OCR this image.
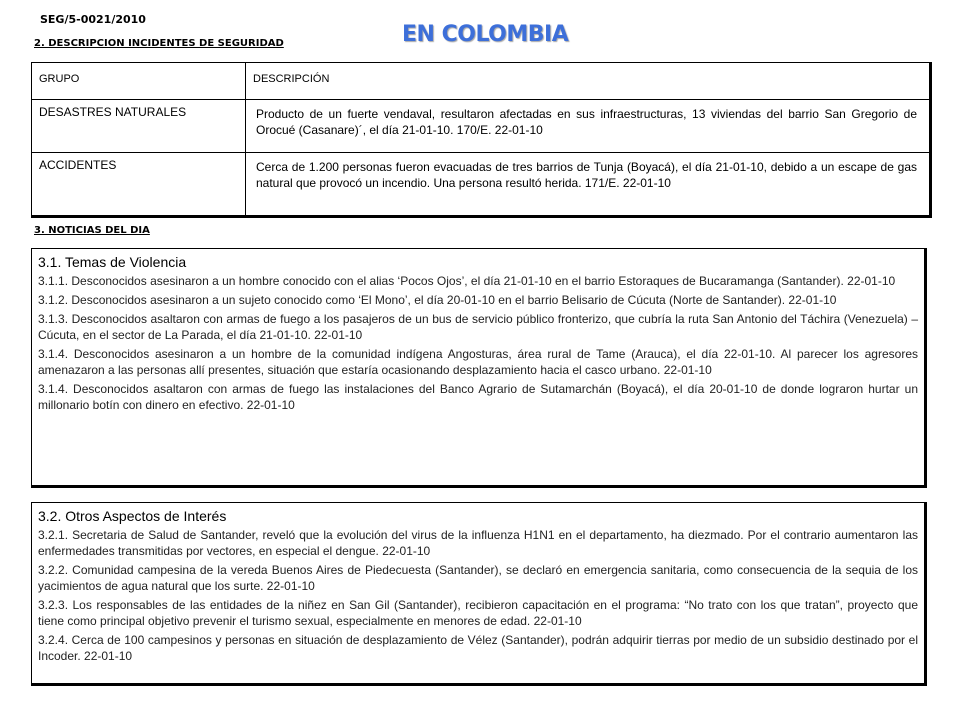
SEG/5-0021/2010
EN COLOMBIA
2. DESCRIPCION INCIDENTES DE SEGURIDAD
GRUPO	DESCRIPCIÓN
DESASTRES NATURALES	Producto de un fuerte vendaval, resultaron afectadas en sus infraestructuras, 13 viviendas del barrio San Gregorio de Orocué (Casanare)´, el día 21-01-10. 170/E. 22-01-10
ACCIDENTES	Cerca de 1.200 personas fueron evacuadas de tres barrios de Tunja (Boyacá), el día 21-01-10, debido a un escape de gas natural que provocó un incendio. Una persona resultó herida. 171/E. 22-01-10
3. NOTICIAS DEL DIA
3.1. Temas de Violencia

3.1.1. Desconocidos asesinaron a un hombre conocido con el alias ‘Pocos Ojos’, el día 21-01-10 en el barrio Estoraques de Bucaramanga (Santander). 22-01-10

3.1.2. Desconocidos asesinaron a un sujeto conocido como ‘El Mono’, el día 20-01-10 en el barrio Belisario de Cúcuta (Norte de Santander). 22-01-10

3.1.3. Desconocidos asaltaron con armas de fuego a los pasajeros de un bus de servicio público fronterizo, que cubría la ruta San Antonio del Táchira (Venezuela) – Cúcuta, en el sector de La Parada, el día 21-01-10. 22-01-10

3.1.4. Desconocidos asesinaron a un hombre de la comunidad indígena Angosturas, área rural de Tame (Arauca), el día 22-01-10. Al parecer los agresores amenazaron a las personas allí presentes, situación que estaría ocasionando desplazamiento hacia el casco urbano. 22-01-10

3.1.4. Desconocidos asaltaron con armas de fuego las instalaciones del Banco Agrario de Sutamarchán (Boyacá), el día 20-01-10 de donde lograron hurtar un millonario botín con dinero en efectivo. 22-01-10

3.2. Otros Aspectos de Interés

3.2.1. Secretaria de Salud de Santander, reveló que la evolución del virus de la influenza H1N1 en el departamento, ha diezmado. Por el contrario aumentaron las enfermedades transmitidas por vectores, en especial el dengue. 22-01-10

3.2.2. Comunidad campesina de la vereda Buenos Aires de Piedecuesta (Santander), se declaró en emergencia sanitaria, como consecuencia de la sequia de los yacimientos de agua natural que los surte. 22-01-10

3.2.3. Los responsables de las entidades de la niñez en San Gil (Santander), recibieron capacitación en el programa: “No trato con los que tratan”, proyecto que tiene como principal objetivo prevenir el turismo sexual, especialmente en menores de edad. 22-01-10

3.2.4. Cerca de 100 campesinos y personas en situación de desplazamiento de Vélez (Santander), podrán adquirir tierras por medio de un subsidio destinado por el Incoder. 22-01-10
